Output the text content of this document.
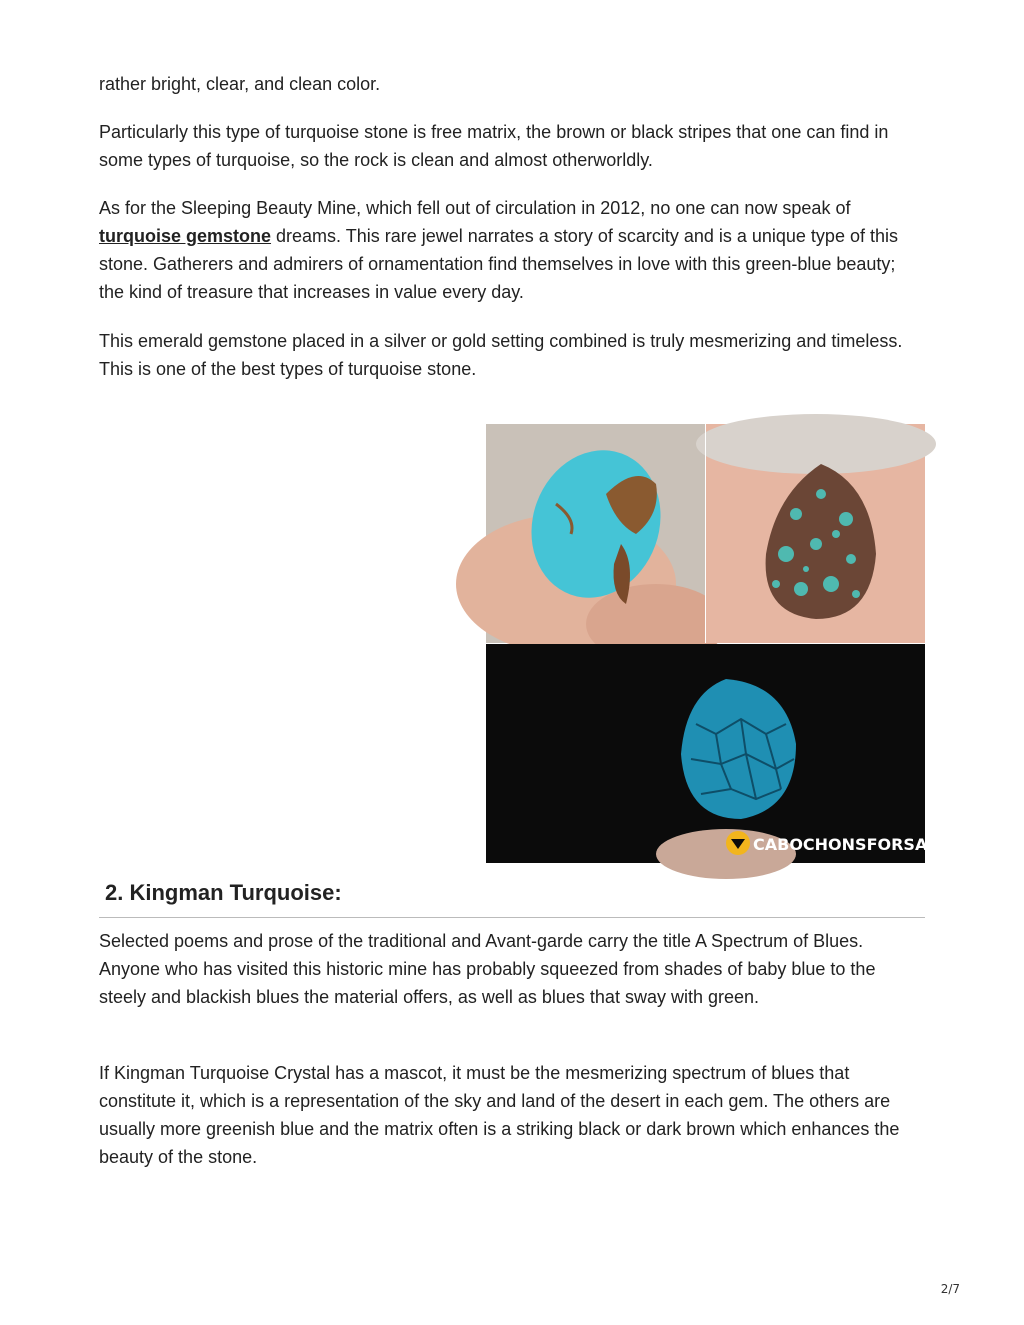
rather bright, clear, and clean color.

Particularly this type of turquoise stone is free matrix, the brown or black stripes that one can find in some types of turquoise, so the rock is clean and almost otherworldly.

As for the Sleeping Beauty Mine, which fell out of circulation in 2012, no one can now speak of turquoise gemstone dreams. This rare jewel narrates a story of scarcity and is a unique type of this stone. Gatherers and admirers of ornamentation find themselves in love with this green-blue beauty; the kind of treasure that increases in value every day.

This emerald gemstone placed in a silver or gold setting combined is truly mesmerizing and timeless. This is one of the best types of turquoise stone.

Selected poems and prose of the traditional and Avant-garde carry the title A Spectrum of Blues. Anyone who has visited this historic mine has probably squeezed from shades of baby blue to the steely and blackish blues the material offers, as well as blues that sway with green.

If Kingman Turquoise Crystal has a mascot, it must be the mesmerizing spectrum of blues that constitute it, which is a representation of the sky and land of the desert in each gem. The others are usually more greenish blue and the matrix often is a striking black or dark brown which enhances the beauty of the stone.

CABOCHONSFORSALE
2. Kingman Turquoise:
2/7
